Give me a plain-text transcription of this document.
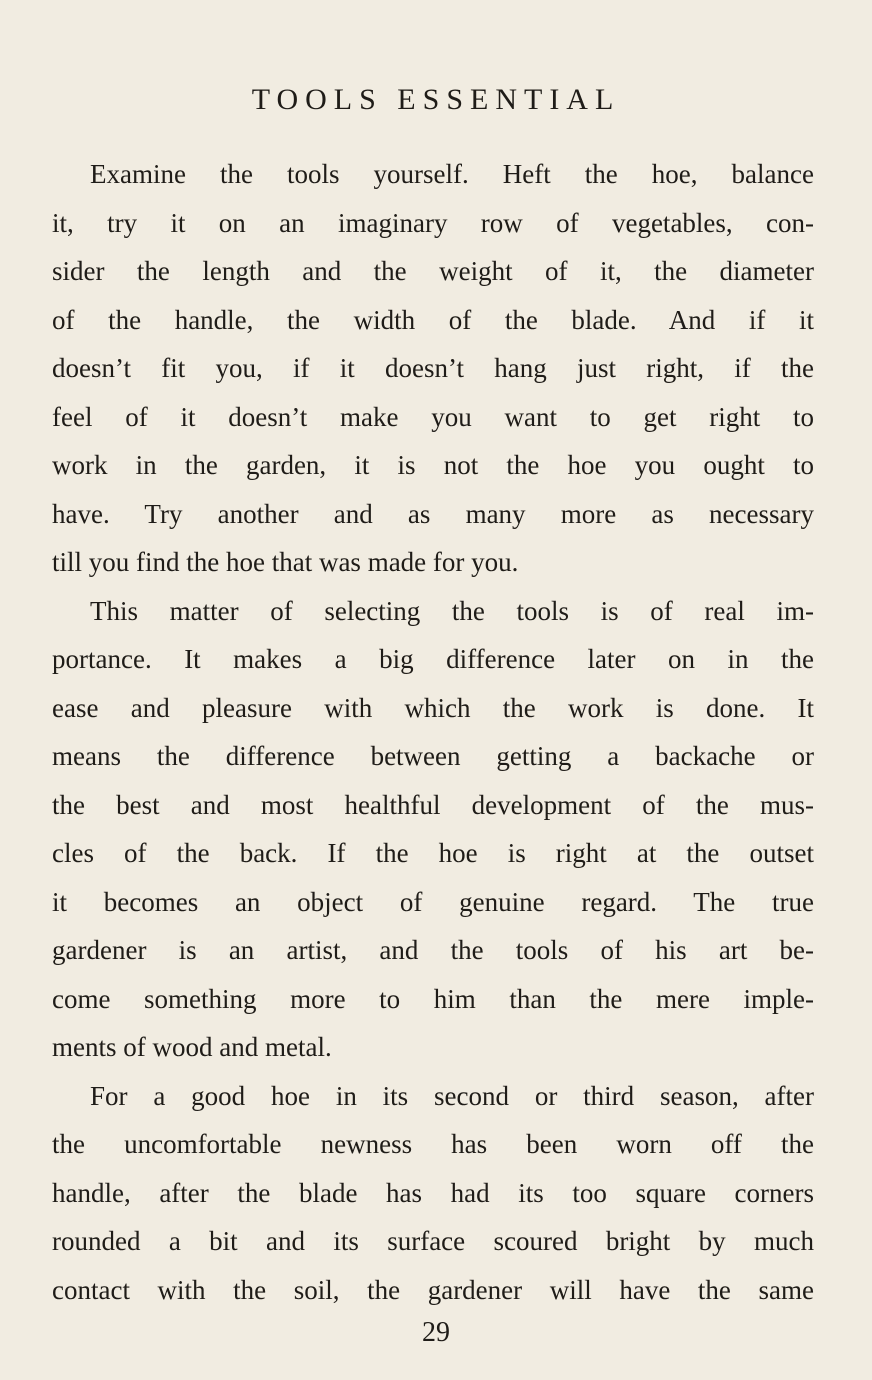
TOOLS ESSENTIAL
Examine the tools yourself. Heft the hoe, balance
it, try it on an imaginary row of vegetables, con-
sider the length and the weight of it, the diameter
of the handle, the width of the blade. And if it
doesn’t fit you, if it doesn’t hang just right, if the
feel of it doesn’t make you want to get right to
work in the garden, it is not the hoe you ought to
have. Try another and as many more as necessary
till you find the hoe that was made for you.
This matter of selecting the tools is of real im-
portance. It makes a big difference later on in the
ease and pleasure with which the work is done. It
means the difference between getting a backache or
the best and most healthful development of the mus-
cles of the back. If the hoe is right at the outset
it becomes an object of genuine regard. The true
gardener is an artist, and the tools of his art be-
come something more to him than the mere imple-
ments of wood and metal.
For a good hoe in its second or third season, after
the uncomfortable newness has been worn off the
handle, after the blade has had its too square corners
rounded a bit and its surface scoured bright by much
contact with the soil, the gardener will have the same
29
